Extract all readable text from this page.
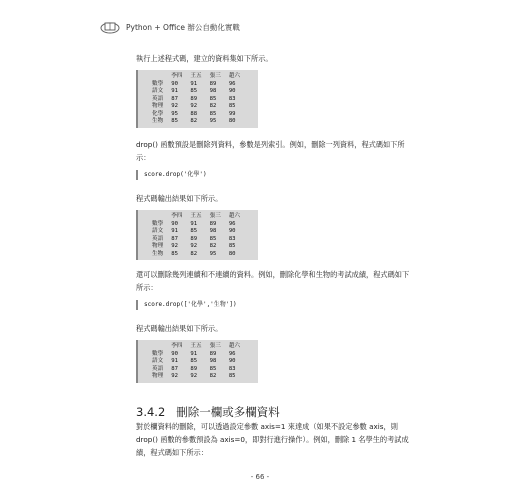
Python + Office 辦公自動化實戰
執行上述程式碼，建立的資料集如下所示。
	李四	王五	張三	趙六
數學	90	91	89	96
語文	91	85	98	90
英語	87	89	85	83
物理	92	92	82	85
化學	95	88	85	99
生物	85	82	95	80
drop() 函數預設是刪除列資料，參數是列索引。例如，刪除一列資料，程式碼如下所示：
score.drop('化學')
程式碼輸出結果如下所示。
	李四	王五	張三	趙六
數學	90	91	89	96
語文	91	85	98	90
英語	87	89	85	83
物理	92	92	82	85
生物	85	82	95	80
還可以刪除幾列連續和不連續的資料。例如，刪除化學和生物的考試成績，程式碼如下所示：
score.drop(['化學','生物'])
程式碼輸出結果如下所示。
	李四	王五	張三	趙六
數學	90	91	89	96
語文	91	85	98	90
英語	87	89	85	83
物理	92	92	82	85
3.4.2 刪除一欄或多欄資料
對於欄資料的刪除，可以透過設定參數 axis=1 來達成（如果不設定參數 axis，則 drop() 函數的參數預設為 axis=0，即對行進行操作）。例如，刪除 1 名學生的考試成績，程式碼如下所示：
- 66 -
